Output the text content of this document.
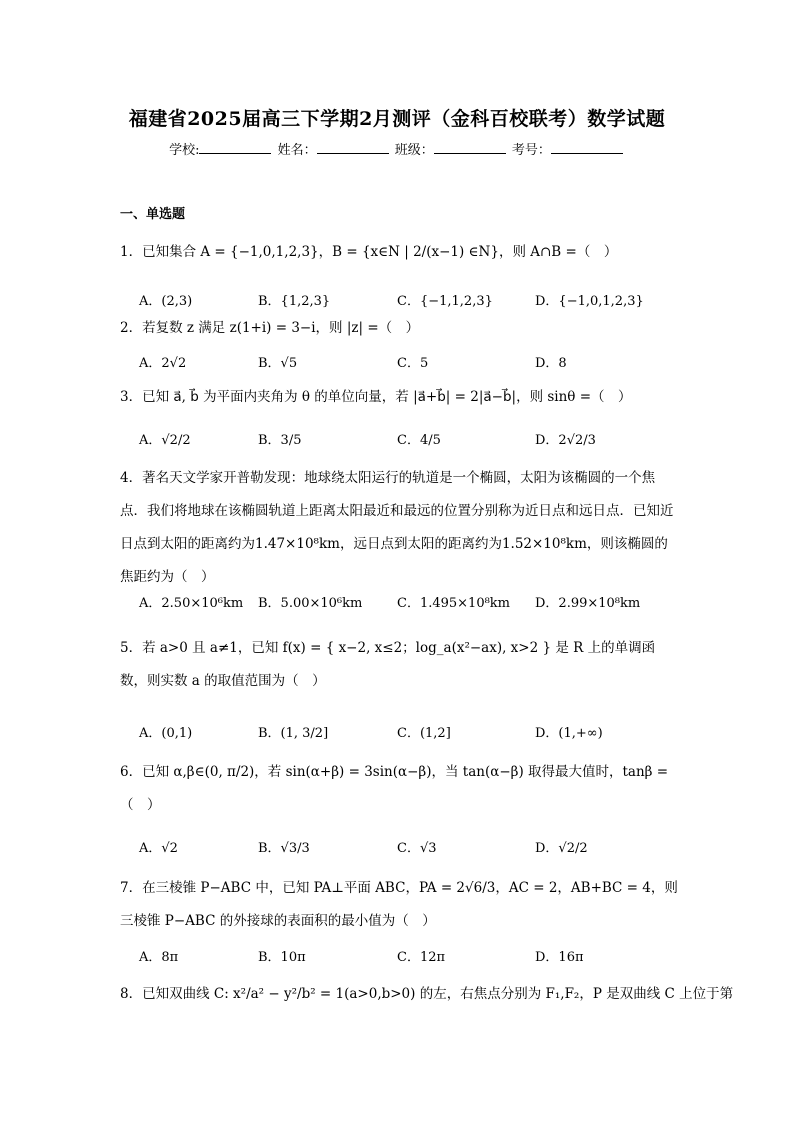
福建省2025届高三下学期2月测评（金科百校联考）数学试题
学校:	姓名：	班级：	考号：
一、单选题
1．已知集合 A = {−1,0,1,2,3}，B = {x∈N | 2/(x−1) ∈N}，则 A∩B =（　）
A．(2,3)	B．{1,2,3}	C．{−1,1,2,3}	D．{−1,0,1,2,3}
2．若复数 z 满足 z(1+i) = 3−i，则 |z| =（　）
A．2√2	B．√5	C．5	D．8
3．已知 a⃗, b⃗ 为平面内夹角为 θ 的单位向量，若 |a⃗+b⃗| = 2|a⃗−b⃗|，则 sinθ =（　）
A．√2/2	B．3/5	C．4/5	D．2√2/3
4．著名天文学家开普勒发现：地球绕太阳运行的轨道是一个椭圆，太阳为该椭圆的一个焦点．我们将地球在该椭圆轨道上距离太阳最近和最远的位置分别称为近日点和远日点．已知近日点到太阳的距离约为1.47×10⁸km，远日点到太阳的距离约为1.52×10⁸km，则该椭圆的焦距约为（　）
A．2.50×10⁶km B．5.00×10⁶km	C．1.495×10⁸km D．2.99×10⁸km
5．若 a>0 且 a≠1，已知 f(x) = { x−2, x≤2；log_a(x²−ax), x>2 } 是 R 上的单调函数，则实数 a 的取值范围为（　）
A．(0,1)	B．(1, 3/2]	C．(1,2]	D．(1,+∞)
6．已知 α,β∈(0, π/2)，若 sin(α+β) = 3sin(α−β)，当 tan(α−β) 取得最大值时，tanβ =（　）
A．√2	B．√3/3	C．√3	D．√2/2
7．在三棱锥 P−ABC 中，已知 PA⊥平面 ABC，PA = 2√6/3，AC = 2，AB+BC = 4，则三棱锥 P−ABC 的外接球的表面积的最小值为（　）
A．8π	B．10π	C．12π	D．16π
8．已知双曲线 C: x²/a² − y²/b² = 1(a>0,b>0) 的左，右焦点分别为 F₁,F₂，P 是双曲线 C 上位于第
